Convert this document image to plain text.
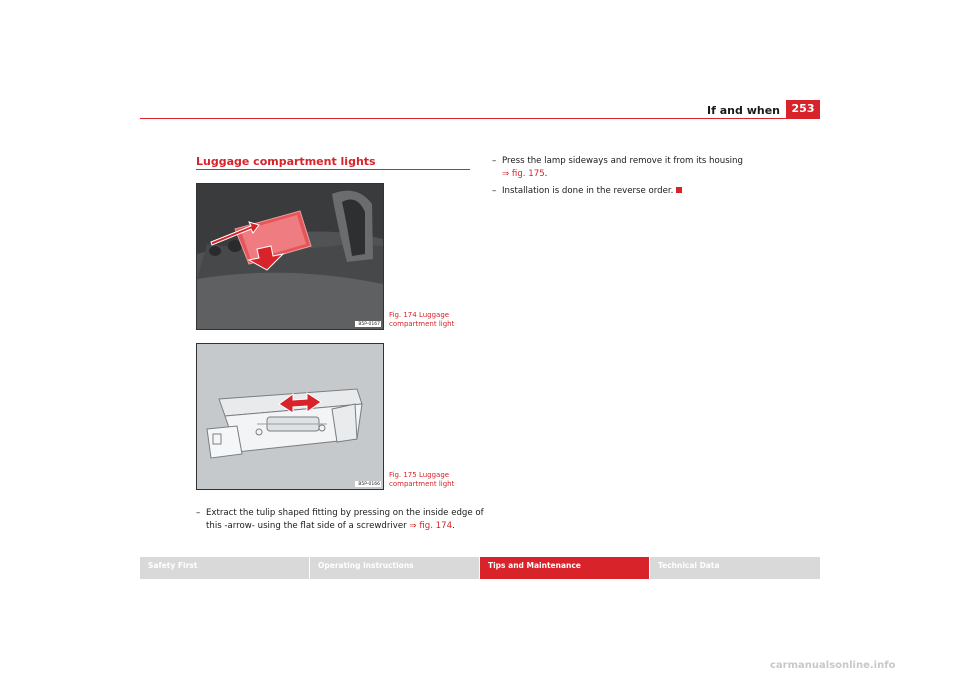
If and when	253
Luggage compartment lights
B5P-0167
Fig. 174 Luggage compartment light
B5P-0166
Fig. 175 Luggage compartment light
– Extract the tulip shaped fitting by pressing on the inside edge of this -arrow- using the flat side of a screwdriver ⇒ fig. 174.
– Press the lamp sideways and remove it from its housing ⇒ fig. 175.
– Installation is done in the reverse order.
Safety First	Operating instructions	Tips and Maintenance	Technical Data
carmanualsonline.info
